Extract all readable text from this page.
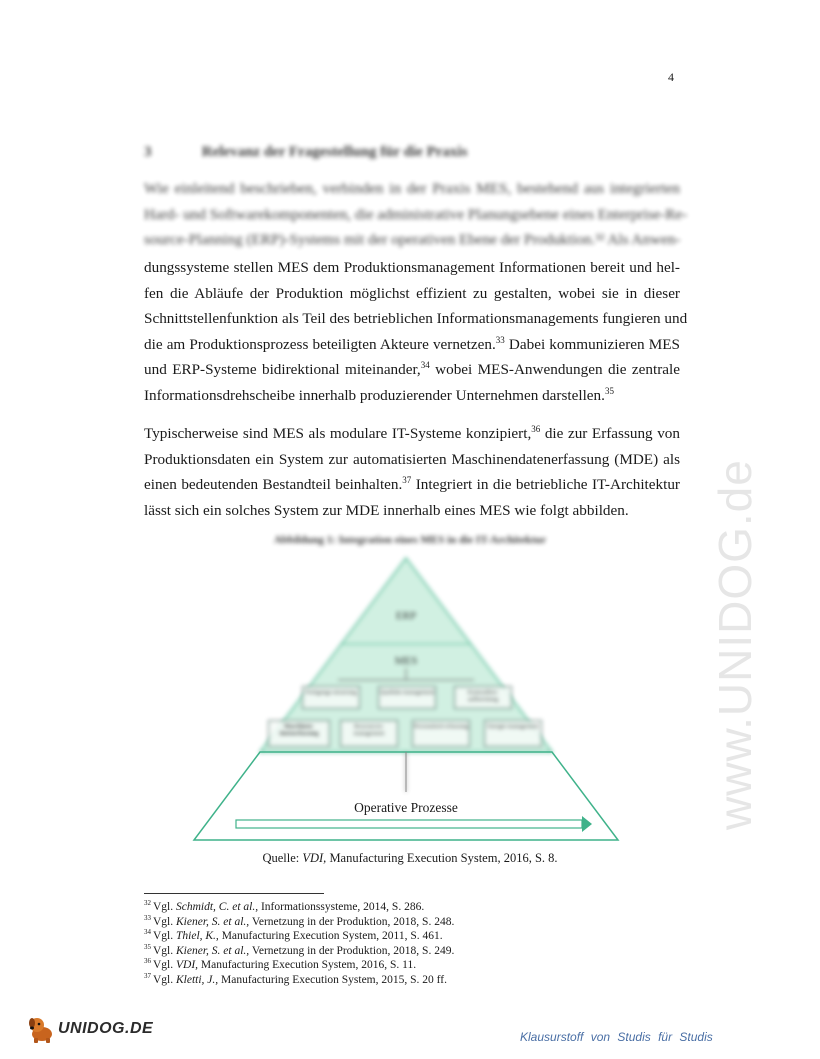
4
3	Relevanz der Fragestellung für die Praxis
Wie einleitend beschrieben, verbinden in der Praxis MES, bestehend aus integrierten
Hard- und Softwarekomponenten, die administrative Planungsebene eines Enterprise-Re-
source-Planning (ERP)-Systems mit der operativen Ebene der Produktion.³² Als Anwen-
dungssysteme stellen MES dem Produktionsmanagement Informationen bereit und hel-
fen die Abläufe der Produktion möglichst effizient zu gestalten, wobei sie in dieser
Schnittstellenfunktion als Teil des betrieblichen Informationsmanagements fungieren und
die am Produktionsprozess beteiligten Akteure vernetzen.$^{33}$ Dabei kommunizieren MES
und ERP-Systeme bidirektional miteinander,$^{34}$ wobei MES-Anwendungen die zentrale
Informationsdrehscheibe innerhalb produzierender Unternehmen darstellen.$^{35}$
Typischerweise sind MES als modulare IT-Systeme konzipiert,$^{36}$ die zur Erfassung von
Produktionsdaten ein System zur automatisierten Maschinendatenerfassung (MDE) als
einen bedeutenden Bestandteil beinhalten.$^{37}$ Integriert in die betriebliche IT-Architektur
lässt sich ein solches System zur MDE innerhalb eines MES wie folgt abbilden.
Abbildung 1: Integration eines MES in die IT-Architektur
ERP
MES
Fertigungs-steuerung	Qualitäts-management	Kennzahlen-aufbereitung
Maschinen-datenerfassung
Ressourcen-management
Personalzeit-erfassung	Energie-management
Operative Prozesse
Quelle: VDI, Manufacturing Execution System, 2016, S. 8.
$^{32}$ Vgl. Schmidt, C. et al., Informationssysteme, 2014, S. 286.
$^{33}$ Vgl. Kiener, S. et al., Vernetzung in der Produktion, 2018, S. 248.
$^{34}$ Vgl. Thiel, K., Manufacturing Execution System, 2011, S. 461.
$^{35}$ Vgl. Kiener, S. et al., Vernetzung in der Produktion, 2018, S. 249.
$^{36}$ Vgl. VDI, Manufacturing Execution System, 2016, S. 11.
$^{37}$ Vgl. Kletti, J., Manufacturing Execution System, 2015, S. 20 ff.
www.UNIDOG.de
UNIDOG.DE	Klausurstoff von Studis für Studis
